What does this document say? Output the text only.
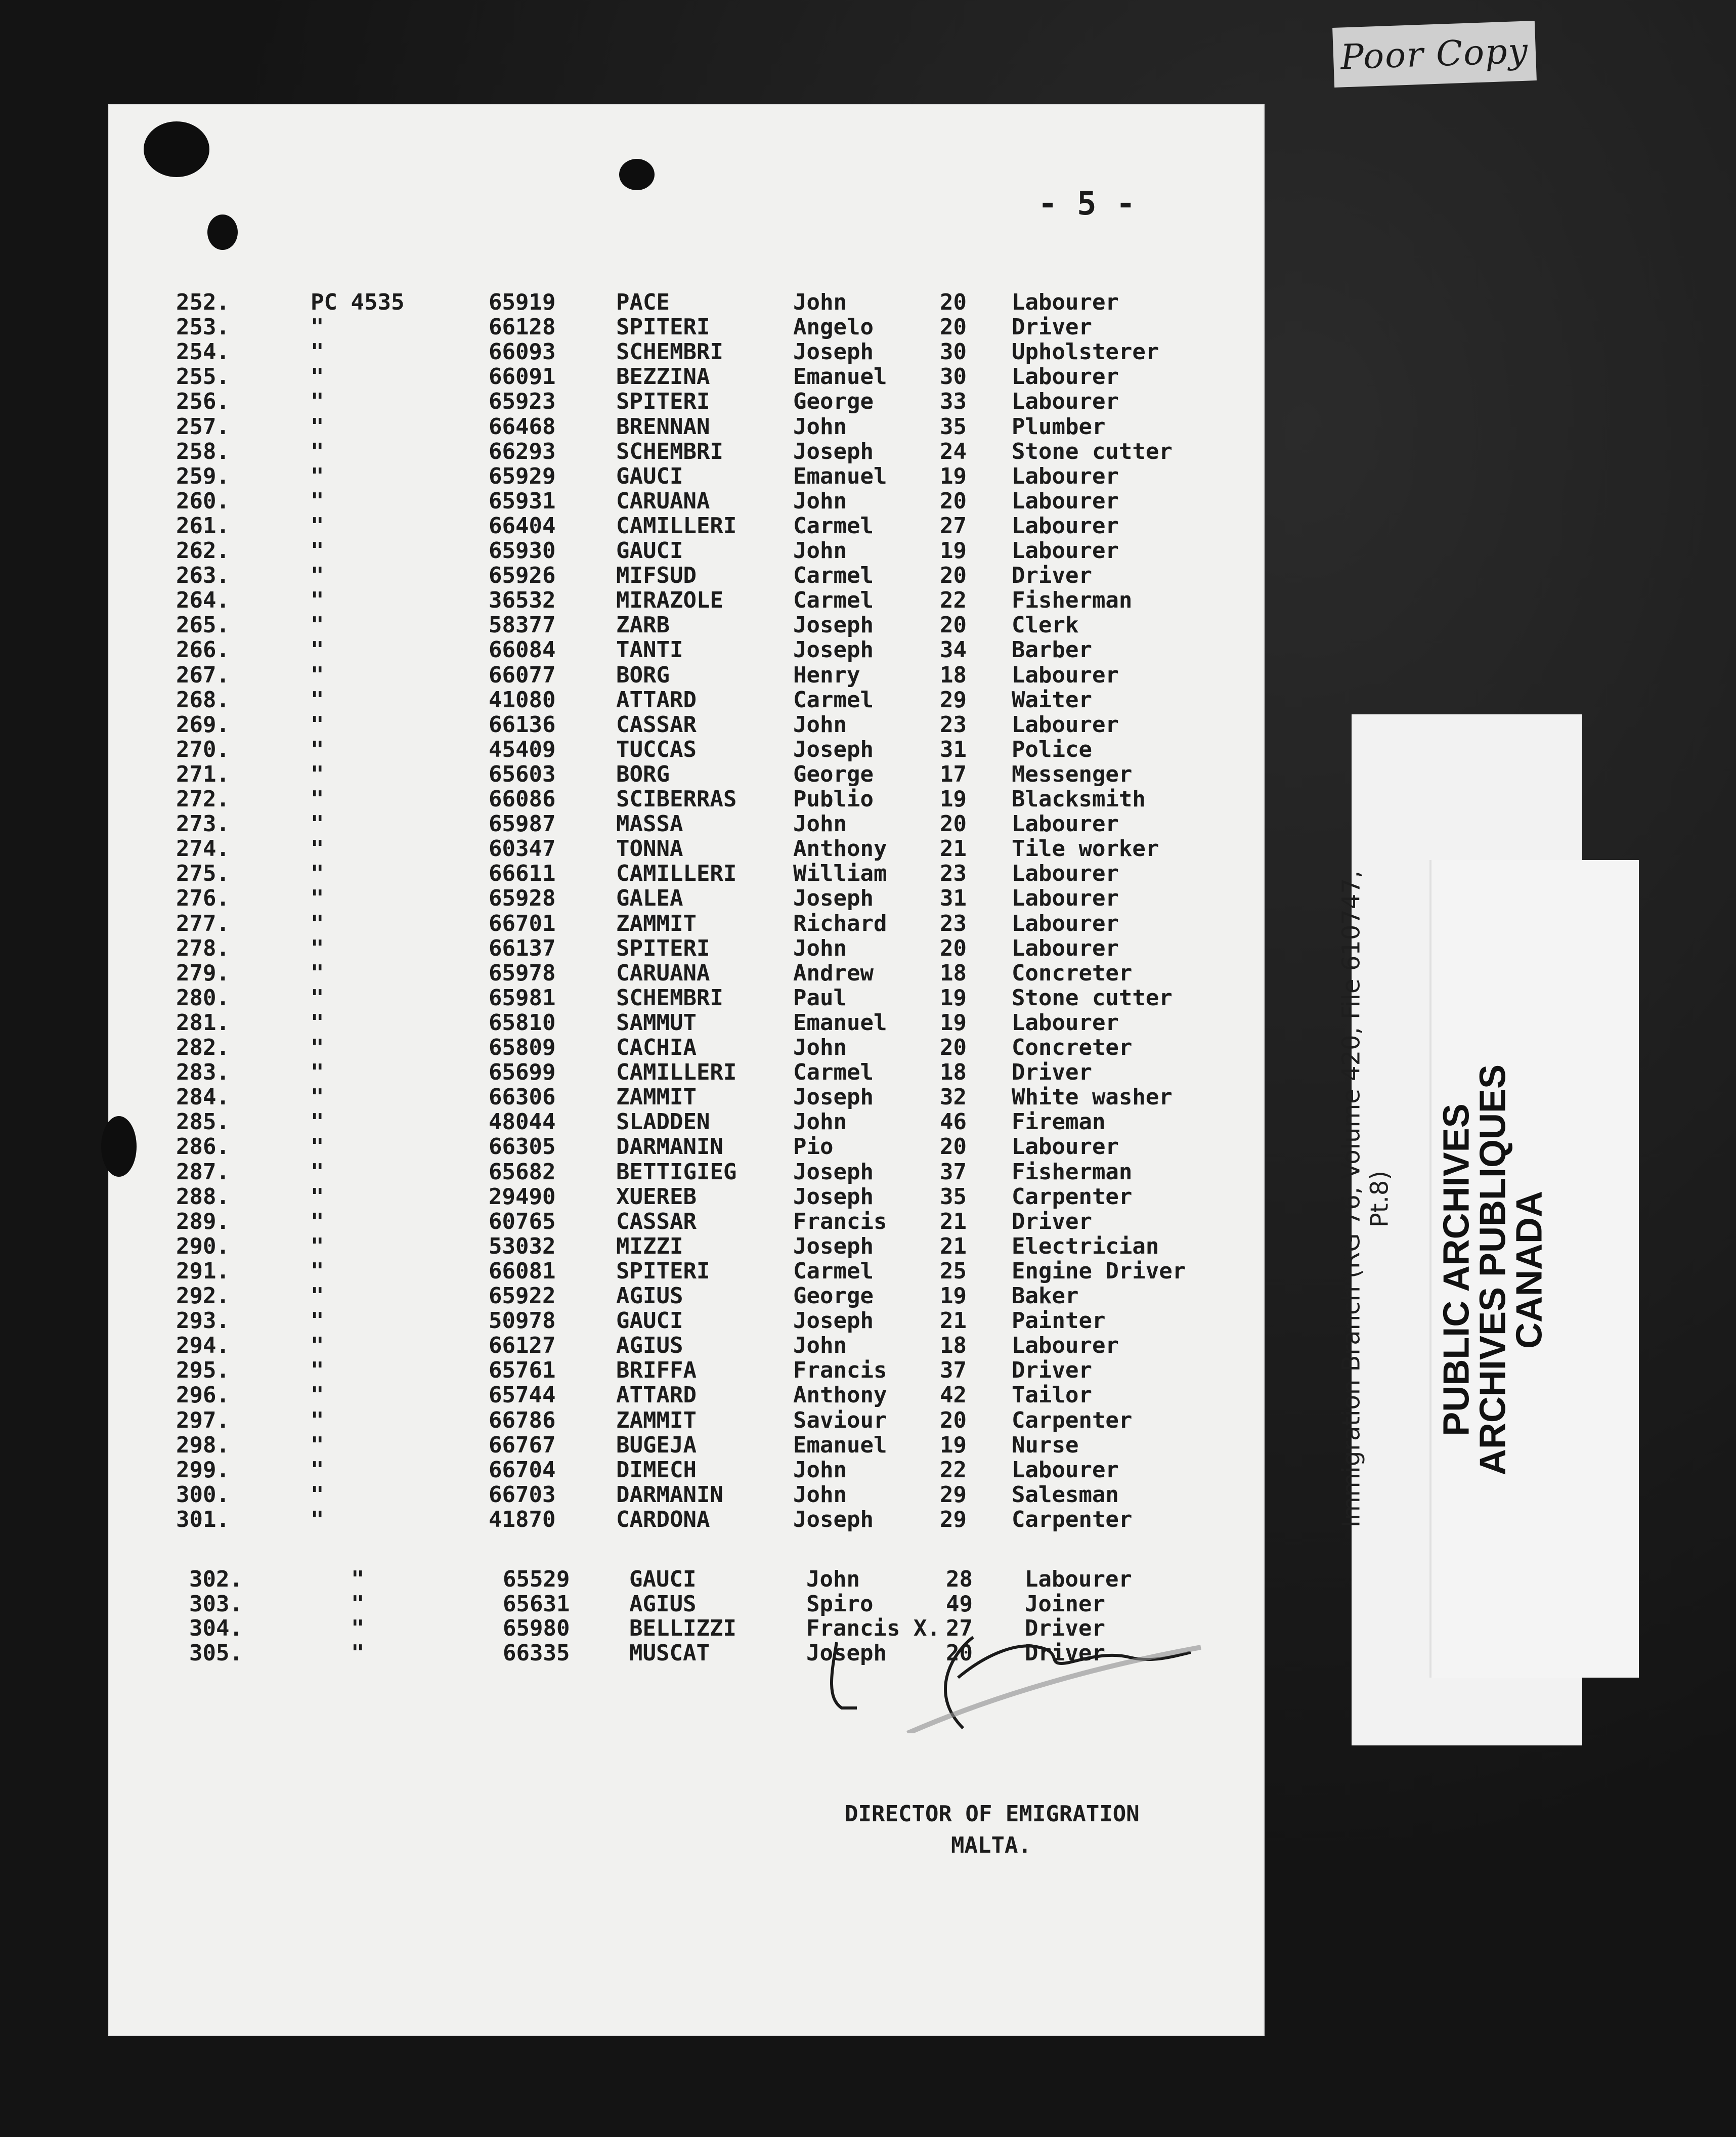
Poor Copy
- 5 -
252.	PC 4535	65919	PACE	John	20 Labourer
253.	"	66128	SPITERI	Angelo	20 Driver
254.	"	66093	SCHEMBRI	Joseph	30 Upholsterer
255.	"	66091	BEZZINA	Emanuel 30 Labourer
256.	"	65923	SPITERI	George	33 Labourer
257.	"	66468	BRENNAN	John	35 Plumber
258.	"	66293	SCHEMBRI	Joseph	24 Stone cutter
259.	"	65929	GAUCI	Emanuel 19 Labourer
260.	"	65931	CARUANA	John	20 Labourer
261.	"	66404	CAMILLERI	Carmel	27 Labourer
262.	"	65930	GAUCI	John	19 Labourer
263.	"	65926	MIFSUD	Carmel	20 Driver
264.	"	36532	MIRAZOLE	Carmel	22 Fisherman
265.	"	58377	ZARB	Joseph	20 Clerk
266.	"	66084	TANTI	Joseph	34 Barber
267.	"	66077	BORG	Henry	18 Labourer
268.	"	41080	ATTARD	Carmel	29 Waiter
269.	"	66136	CASSAR	John	23 Labourer
270.	"	45409	TUCCAS	Joseph	31 Police
271.	"	65603	BORG	George	17 Messenger
272.	"	66086	SCIBERRAS	Publio	19 Blacksmith
273.	"	65987	MASSA	John	20 Labourer
274.	"	60347	TONNA	Anthony 21 Tile worker
275.	"	66611	CAMILLERI	William 23 Labourer
276.	"	65928	GALEA	Joseph	31 Labourer
277.	"	66701	ZAMMIT	Richard 23 Labourer
278.	"	66137	SPITERI	John	20 Labourer
279.	"	65978	CARUANA	Andrew	18 Concreter
280.	"	65981	SCHEMBRI	Paul	19 Stone cutter
281.	"	65810	SAMMUT	Emanuel 19 Labourer
282.	"	65809	CACHIA	John	20 Concreter
283.	"	65699	CAMILLERI	Carmel	18 Driver
284.	"	66306	ZAMMIT	Joseph	32 White washer
285.	"	48044	SLADDEN	John	46 Fireman
286.	"	66305	DARMANIN	Pio	20 Labourer
287.	"	65682	BETTIGIEG	Joseph	37 Fisherman
288.	"	29490	XUEREB	Joseph	35 Carpenter
289.	"	60765	CASSAR	Francis 21 Driver
290.	"	53032	MIZZI	Joseph	21 Electrician
291.	"	66081	SPITERI	Carmel	25 Engine Driver
292.	"	65922	AGIUS	George	19 Baker
293.	"	50978	GAUCI	Joseph	21 Painter
294.	"	66127	AGIUS	John	18 Labourer
295.	"	65761	BRIFFA	Francis 37 Driver
296.	"	65744	ATTARD	Anthony 42 Tailor
297.	"	66786	ZAMMIT	Saviour 20 Carpenter
298.	"	66767	BUGEJA	Emanuel 19 Nurse
299.	"	66704	DIMECH	John	22 Labourer
300.	"	66703	DARMANIN	John	29 Salesman
301.	"	41870	CARDONA	Joseph	29 Carpenter
302.	"	65529	GAUCI	John	28 Labourer
303.	"	65631	AGIUS	Spiro	49 Joiner
304.	"	65980	BELLIZZI	Francis X. 27 Driver
305.	"	66335	MUSCAT	Joseph	20 Driver
DIRECTOR OF EMIGRATION
MALTA.
Immigration Branch (RG 76, Volume 420, File 610747, Pt.8) PUBLIC ARCHIVES
ARCHIVES PUBLIQUES
CANADA
